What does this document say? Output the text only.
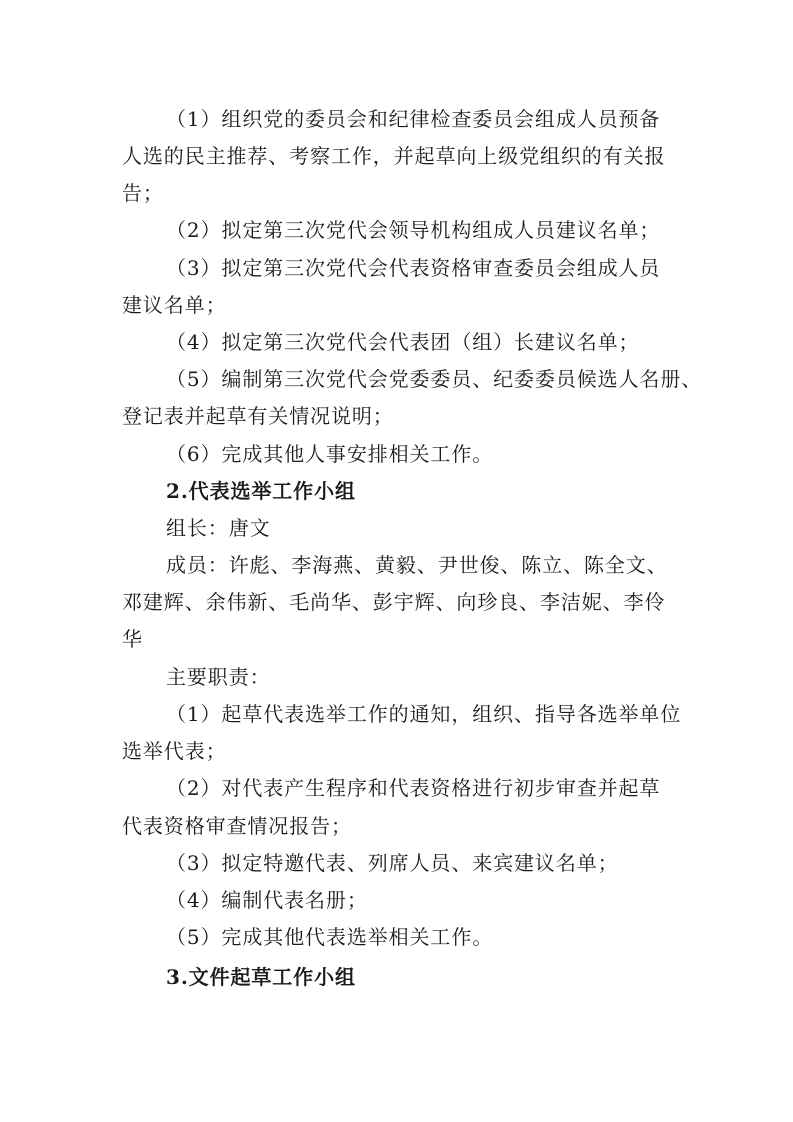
（1）组织党的委员会和纪律检查委员会组成人员预备
人选的民主推荐、考察工作，并起草向上级党组织的有关报
告；
（2）拟定第三次党代会领导机构组成人员建议名单；
（3）拟定第三次党代会代表资格审查委员会组成人员
建议名单；
（4）拟定第三次党代会代表团（组）长建议名单；
（5）编制第三次党代会党委委员、纪委委员候选人名册、
登记表并起草有关情况说明；
（6）完成其他人事安排相关工作。
2.代表选举工作小组
组长：唐文
成员：许彪、李海燕、黄毅、尹世俊、陈立、陈全文、
邓建辉、余伟新、毛尚华、彭宇辉、向珍良、李洁妮、李伶
华
主要职责：
（1）起草代表选举工作的通知，组织、指导各选举单位
选举代表；
（2）对代表产生程序和代表资格进行初步审查并起草
代表资格审查情况报告；
（3）拟定特邀代表、列席人员、来宾建议名单；
（4）编制代表名册；
（5）完成其他代表选举相关工作。
3.文件起草工作小组
